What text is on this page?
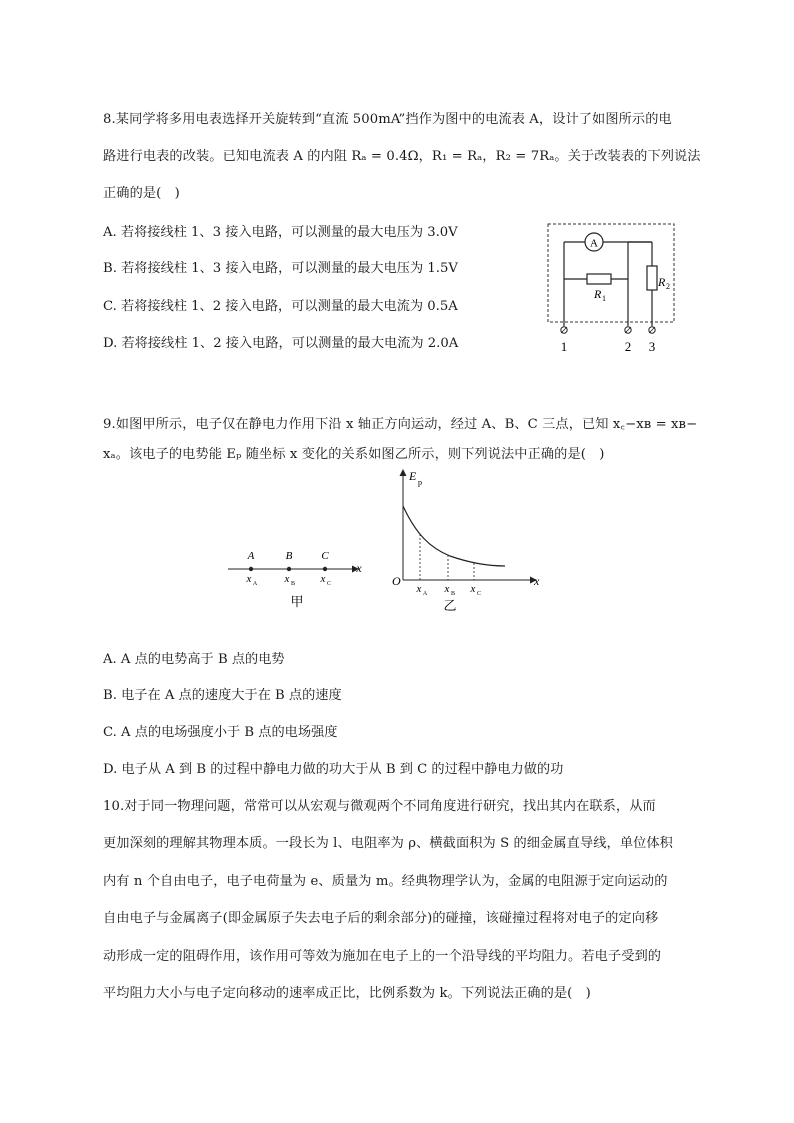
8.某同学将多用电表选择开关旋转到“直流 500mA”挡作为图中的电流表 A，设计了如图所示的电
路进行电表的改装。已知电流表 A 的内阻 Rₐ = 0.4Ω，R₁ = Rₐ，R₂ = 7Rₐ。关于改装表的下列说法
正确的是(　)
A. 若将接线柱 1、3 接入电路，可以测量的最大电压为 3.0V
B. 若将接线柱 1、3 接入电路，可以测量的最大电压为 1.5V
C. 若将接线柱 1、2 接入电路，可以测量的最大电流为 0.5A
D. 若将接线柱 1、2 接入电路，可以测量的最大电流为 2.0A
A
R 1
R 2
1	2 3
9.如图甲所示，电子仅在静电力作用下沿 x 轴正方向运动，经过 A、B、C 三点，已知 x꜀−xʙ = xʙ−
xₐ。该电子的电势能 Eₚ 随坐标 x 变化的关系如图乙所示，则下列说法中正确的是(　)
A	B	C
x A x B x C
x
甲
E p
O	x
x A x B x C
乙
A. A 点的电势高于 B 点的电势
B. 电子在 A 点的速度大于在 B 点的速度
C. A 点的电场强度小于 B 点的电场强度
D. 电子从 A 到 B 的过程中静电力做的功大于从 B 到 C 的过程中静电力做的功
10.对于同一物理问题，常常可以从宏观与微观两个不同角度进行研究，找出其内在联系，从而
更加深刻的理解其物理本质。一段长为 l、电阻率为 ρ、横截面积为 S 的细金属直导线，单位体积
内有 n 个自由电子，电子电荷量为 e、质量为 m。经典物理学认为，金属的电阻源于定向运动的
自由电子与金属离子(即金属原子失去电子后的剩余部分)的碰撞，该碰撞过程将对电子的定向移
动形成一定的阻碍作用，该作用可等效为施加在电子上的一个沿导线的平均阻力。若电子受到的
平均阻力大小与电子定向移动的速率成正比，比例系数为 k。下列说法正确的是(　)
